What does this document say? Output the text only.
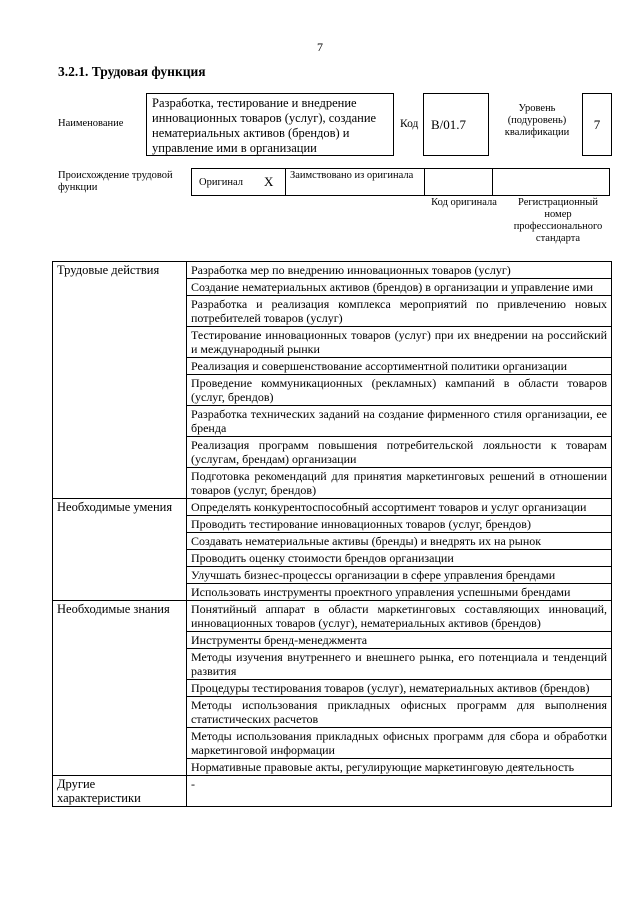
7
3.2.1. Трудовая функция
Наименование
Разработка, тестирование и внедрение инновационных товаров (услуг), создание нематериальных активов (брендов) и управление ими в организации
Код B/01.7
Уровень (подуровень) квалификации
7
Происхождение трудовой функции	Оригинал X	Заимствовано из оригинала
Код оригинала	Регистрационный номер профессионального стандарта
Трудовые действия	Разработка мер по внедрению инновационных товаров (услуг)
	Создание нематериальных активов (брендов) в организации и управление ими
	Разработка и реализация комплекса мероприятий по привлечению новых потребителей товаров (услуг)
	Тестирование инновационных товаров (услуг) при их внедрении на российский и международный рынки
	Реализация и совершенствование ассортиментной политики организации
	Проведение коммуникационных (рекламных) кампаний в области товаров (услуг, брендов)
	Разработка технических заданий на создание фирменного стиля организации, ее бренда
	Реализация программ повышения потребительской лояльности к товарам (услугам, брендам) организации
	Подготовка рекомендаций для принятия маркетинговых решений в отношении товаров (услуг, брендов)
Необходимые умения	Определять конкурентоспособный ассортимент товаров и услуг организации
	Проводить тестирование инновационных товаров (услуг, брендов)
	Создавать нематериальные активы (бренды) и внедрять их на рынок
	Проводить оценку стоимости брендов организации
	Улучшать бизнес-процессы организации в сфере управления брендами
	Использовать инструменты проектного управления успешными брендами
Необходимые знания	Понятийный аппарат в области маркетинговых составляющих инноваций, инновационных товаров (услуг), нематериальных активов (брендов)
	Инструменты бренд-менеджмента
	Методы изучения внутреннего и внешнего рынка, его потенциала и тенденций развития
	Процедуры тестирования товаров (услуг), нематериальных активов (брендов)
	Методы использования прикладных офисных программ для выполнения статистических расчетов
	Методы использования прикладных офисных программ для сбора и обработки маркетинговой информации
	Нормативные правовые акты, регулирующие маркетинговую деятельность
Другие характеристики	-
